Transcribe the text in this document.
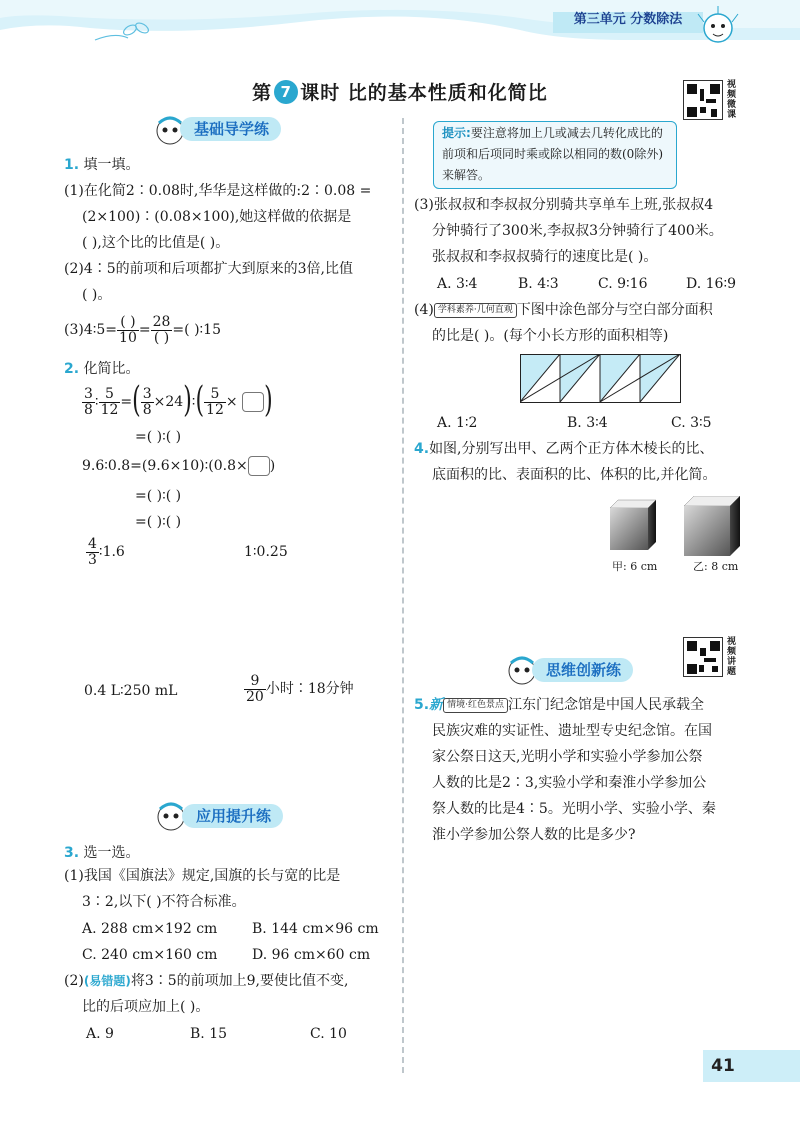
第三单元 分数除法
第 7 课时 比的基本性质和化简比	视频微课
基础导学练
1. 填一填。
(1)在化简2∶0.08时,华华是这样做的:2∶0.08 =
(2×100)∶(0.08×100),她这样做的依据是
( ),这个比的比值是( )。
(2)4∶5的前项和后项都扩大到原来的3倍,比值
( )。
(3)4∶5= $\frac{( )}{10} = \frac{28}{( )}$ =( )∶15
2. 化简比。
$\frac{3}{8}$ ∶ $\frac{5}{12}$ =( $\frac{3}{8}$ ×24)∶( $\frac{5}{12}$ × )
=( )∶( )
9.6∶0.8=(9.6×10)∶(0.8× )
=( )∶( )
=( )∶( )
$\frac{4}{3}$ ∶1.6	1∶0.25
0.4 L∶250 mL	$\frac{9}{20}$ 小时∶18分钟
应用提升练
3. 选一选。
(1)我国《国旗法》规定,国旗的长与宽的比是
3∶2,以下( )不符合标准。
A. 288 cm×192 cm B. 144 cm×96 cm
C. 240 cm×160 cm D. 96 cm×60 cm
(2)(易错题)将3∶5的前项加上9,要使比值不变,
比的后项应加上( )。
A. 9	B. 15	C. 10
提示:要注意将加上几或减去几转化成比的前项和后项同时乘或除以相同的数(0除外)来解答。
(3)张叔叔和李叔叔分别骑共享单车上班,张叔叔4
分钟骑行了300米,李叔叔3分钟骑行了400米。
张叔叔和李叔叔骑行的速度比是( )。
A. 3∶4	B. 4∶3	C. 9∶16	D. 16∶9
(4) 学科素养·几何直观 下图中涂色部分与空白部分面积
的比是( )。(每个小长方形的面积相等)
A. 1∶2	B. 3∶4	C. 3∶5
4.如图,分别写出甲、乙两个正方体木棱长的比、
底面积的比、表面积的比、体积的比,并化简。
甲: 6 cm	乙: 8 cm
思维创新练
视频讲题
5.新 情境·红色景点 江东门纪念馆是中国人民承载全
民族灾难的实证性、遗址型专史纪念馆。在国
家公祭日这天,光明小学和实验小学参加公祭
人数的比是2∶3,实验小学和秦淮小学参加公
祭人数的比是4∶5。光明小学、实验小学、秦
淮小学参加公祭人数的比是多少?
41
